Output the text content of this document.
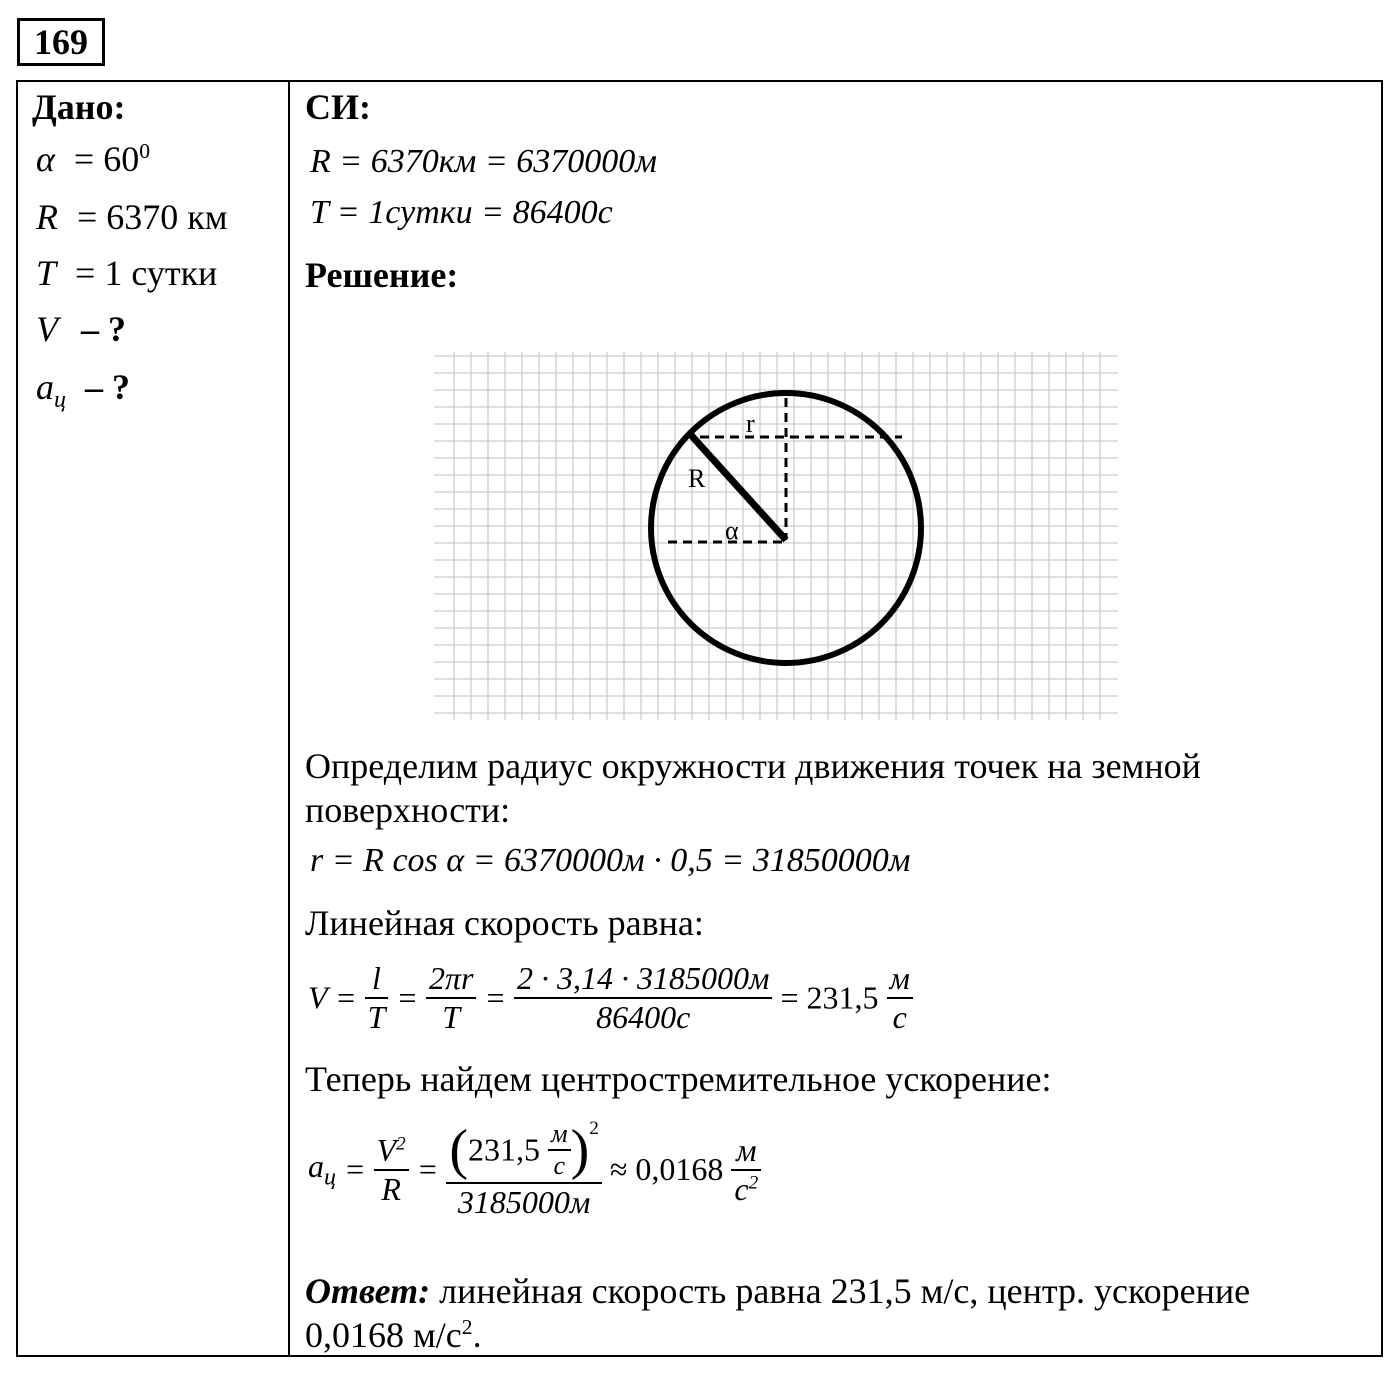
169
Дано:
$\alpha = 60^0$
R = 6370 км
T = 1 сутки
V – ?
$a_ц$ – ?
СИ:
R = 6370км = 6370000м
T = 1сутки = 86400с
Решение:
r
R
α
Определим радиус окружности движения точек на земной поверхности:
r = R cos α = 6370000м · 0,5 = 31850000м
Линейная скорость равна:
$V = \frac{l}{T} = \frac{2\pi r}{T} = \frac{2 \cdot 3,14 \cdot 3185000м}{86400с} = 231,5 \frac{м}{с}$
Теперь найдем центростремительное ускорение:
$a_ц = \frac{V^2}{R} = \frac{(231,5 \frac{м}{с} )^2}{3185000м} \approx 0,0168 \frac{м}{с^2}$
Ответ: линейная скорость равна 231,5 м/с, центр. ускорение
0,0168 $м/с^2$.
